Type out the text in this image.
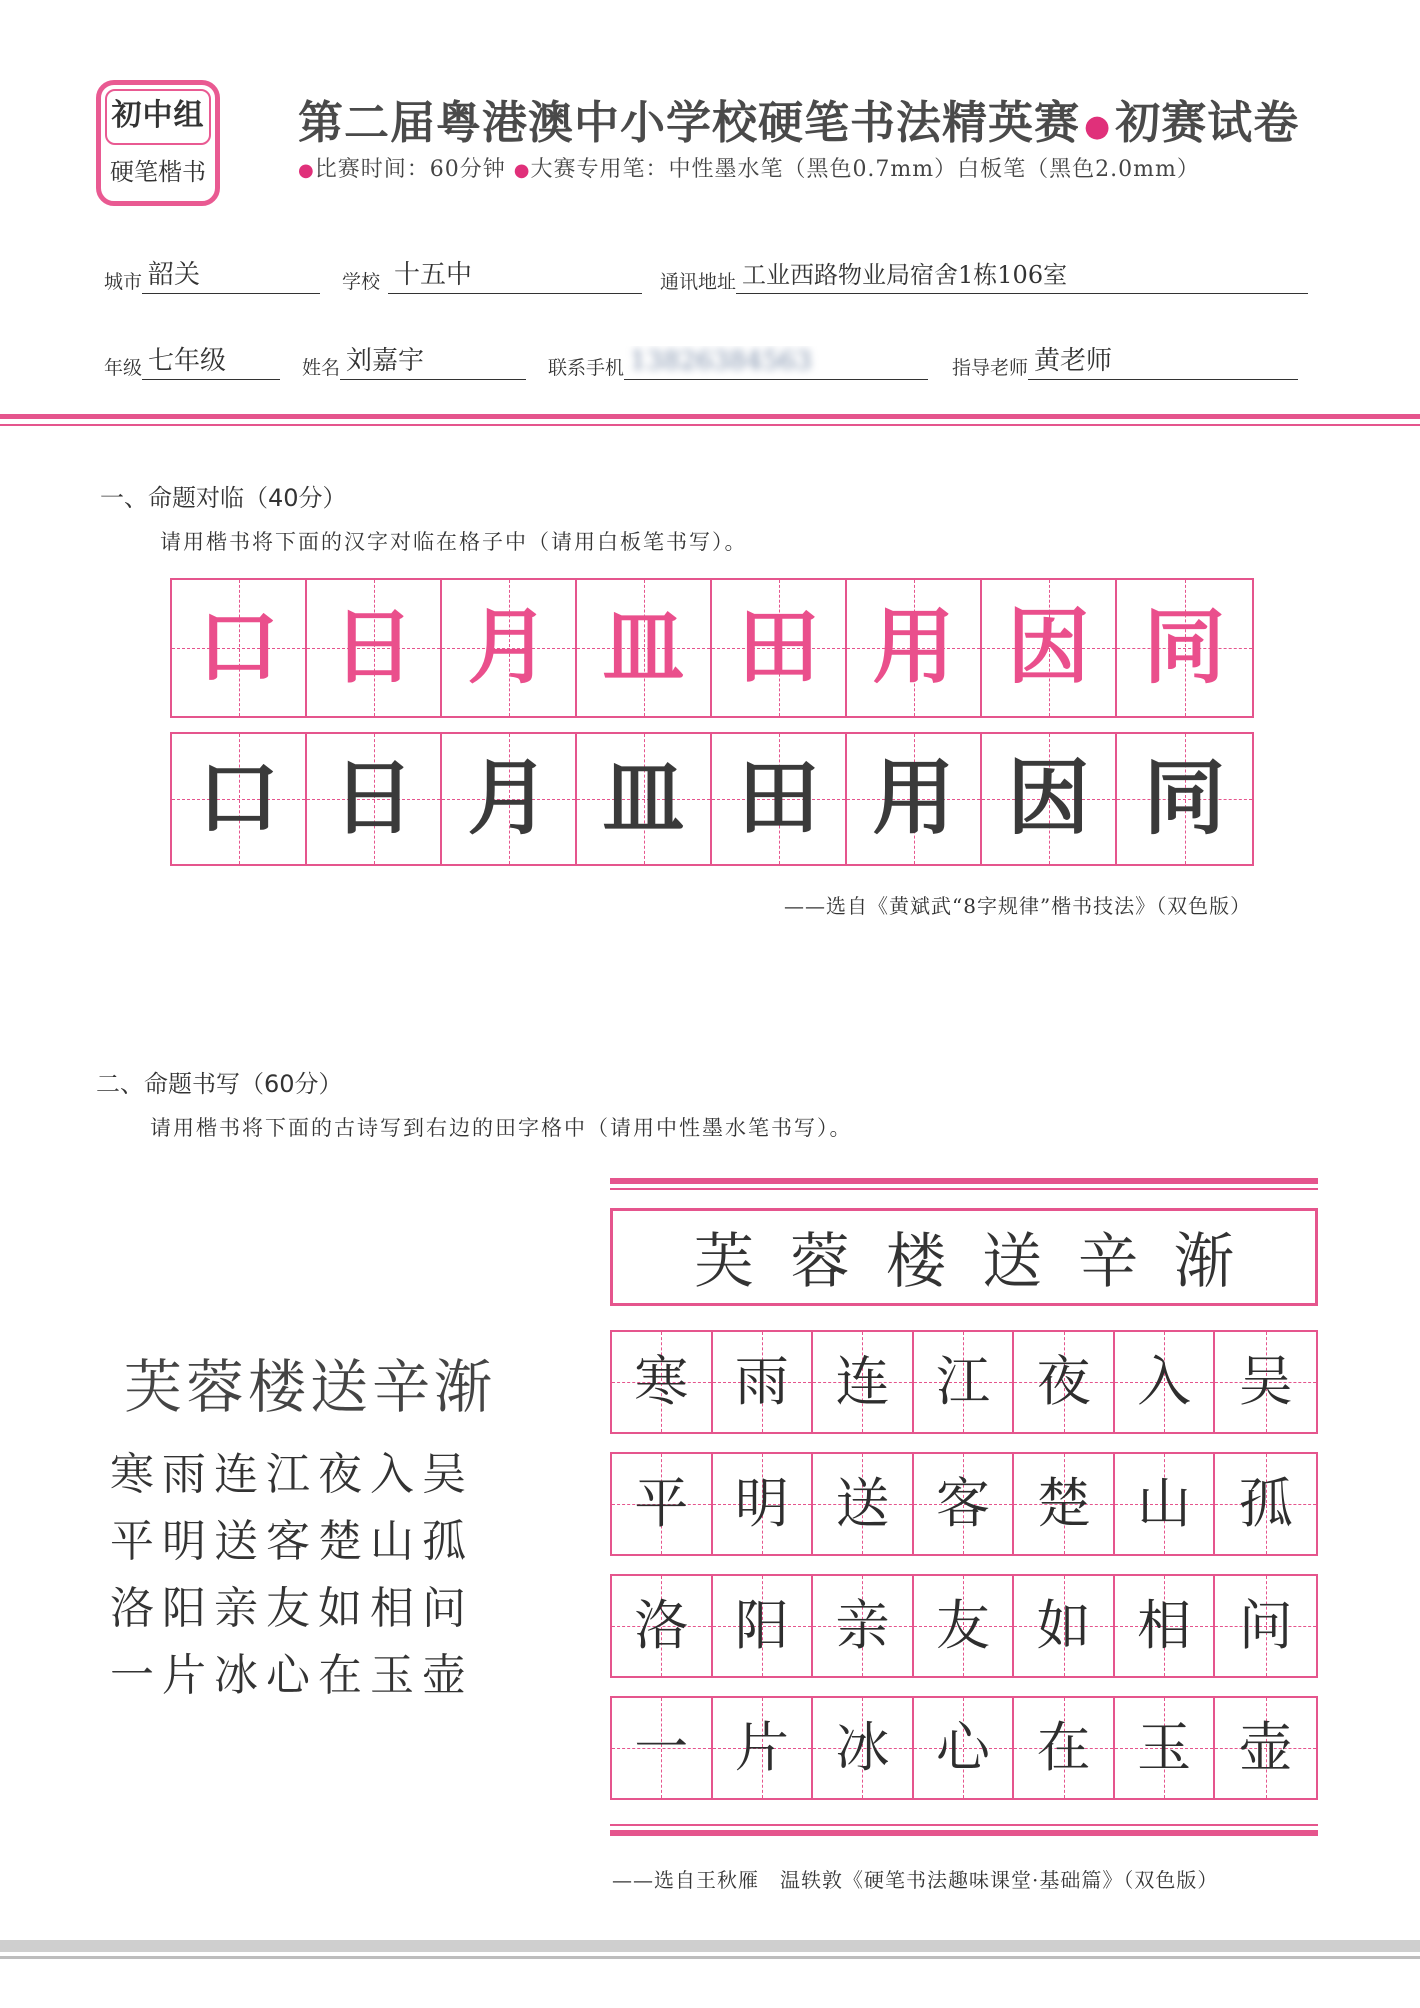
初中组
硬笔楷书
第二届粤港澳中小学校硬笔书法精英赛 ●初赛试卷
●比赛时间：60分钟 ●大赛专用笔：中性墨水笔（黑色0.7mm）白板笔（黑色2.0mm）
城市 韶关	学校 十五中	通讯地址 工业西路物业局宿舍1栋106室
年级 七年级	姓名 刘嘉宇	联系手机 13826384563	指导老师 黄老师
一、命题对临（40分）
请用楷书将下面的汉字对临在格子中（请用白板笔书写）。
口 日 月 皿 田 用 因 同
口 日 月 皿 田 用 因 同
——选自《黄斌武“8字规律”楷书技法》（双色版）
二、命题书写（60分）
请用楷书将下面的古诗写到右边的田字格中（请用中性墨水笔书写）。
芙蓉楼送辛渐
寒雨连江夜入吴
平明送客楚山孤
洛阳亲友如相问
一片冰心在玉壶
芙蓉楼送辛渐
寒 雨 连 江 夜 入 吴
平 明 送 客 楚 山 孤
洛 阳 亲 友 如 相 问
一 片 冰 心 在 玉 壶
——选自王秋雁　温轶敦《硬笔书法趣味课堂·基础篇》（双色版）
